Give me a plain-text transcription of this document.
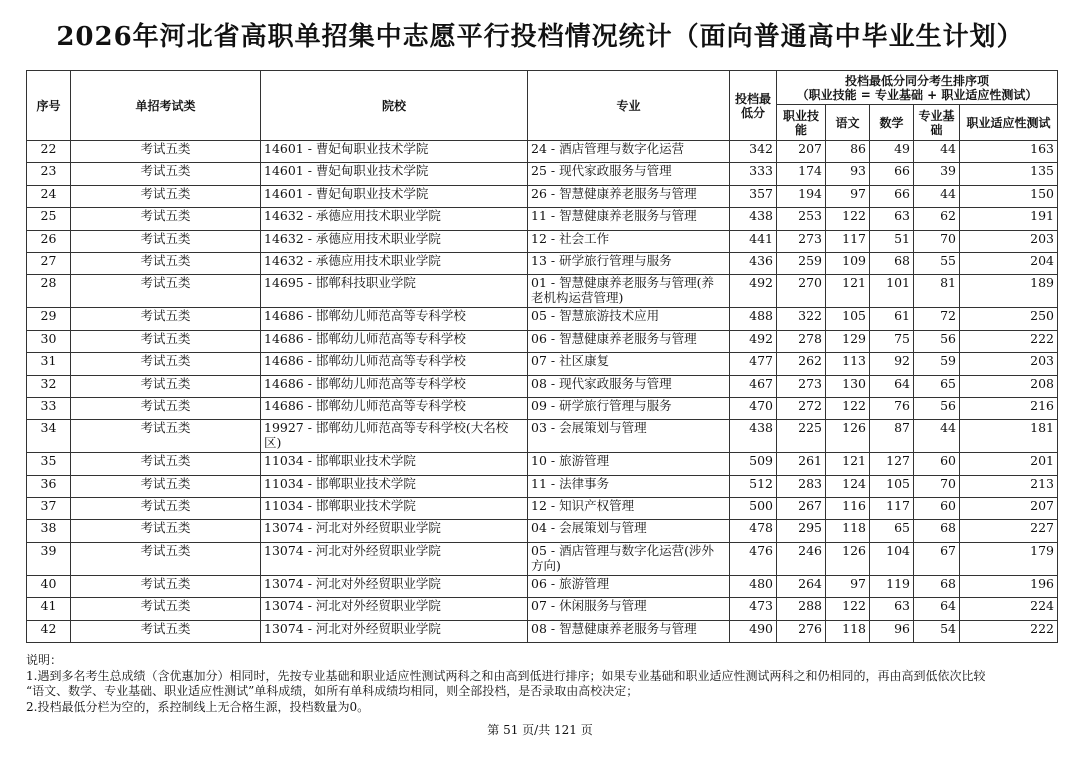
2026年河北省高职单招集中志愿平行投档情况统计（面向普通高中毕业生计划）
序号	单招考试类	院校	专业	投档最低分	投档最低分同分考生排序项
（职业技能 = 专业基础 + 职业适应性测试）				

					职业技能	语文	数学	专业基础	职业适应性测试
22	考试五类	14601 - 曹妃甸职业技术学院	24 - 酒店管理与数字化运营	342	207	86	49	44	163
23	考试五类	14601 - 曹妃甸职业技术学院	25 - 现代家政服务与管理	333	174	93	66	39	135
24	考试五类	14601 - 曹妃甸职业技术学院	26 - 智慧健康养老服务与管理	357	194	97	66	44	150
25	考试五类	14632 - 承德应用技术职业学院	11 - 智慧健康养老服务与管理	438	253	122	63	62	191
26	考试五类	14632 - 承德应用技术职业学院	12 - 社会工作	441	273	117	51	70	203
27	考试五类	14632 - 承德应用技术职业学院	13 - 研学旅行管理与服务	436	259	109	68	55	204
28	考试五类	14695 - 邯郸科技职业学院	01 - 智慧健康养老服务与管理(养老机构运营管理)	492	270	121	101	81	189
29	考试五类	14686 - 邯郸幼儿师范高等专科学校	05 - 智慧旅游技术应用	488	322	105	61	72	250
30	考试五类	14686 - 邯郸幼儿师范高等专科学校	06 - 智慧健康养老服务与管理	492	278	129	75	56	222
31	考试五类	14686 - 邯郸幼儿师范高等专科学校	07 - 社区康复	477	262	113	92	59	203
32	考试五类	14686 - 邯郸幼儿师范高等专科学校	08 - 现代家政服务与管理	467	273	130	64	65	208
33	考试五类	14686 - 邯郸幼儿师范高等专科学校	09 - 研学旅行管理与服务	470	272	122	76	56	216
34	考试五类	19927 - 邯郸幼儿师范高等专科学校(大名校区)	03 - 会展策划与管理	438	225	126	87	44	181
35	考试五类	11034 - 邯郸职业技术学院	10 - 旅游管理	509	261	121	127	60	201
36	考试五类	11034 - 邯郸职业技术学院	11 - 法律事务	512	283	124	105	70	213
37	考试五类	11034 - 邯郸职业技术学院	12 - 知识产权管理	500	267	116	117	60	207
38	考试五类	13074 - 河北对外经贸职业学院	04 - 会展策划与管理	478	295	118	65	68	227
39	考试五类	13074 - 河北对外经贸职业学院	05 - 酒店管理与数字化运营(涉外方向)	476	246	126	104	67	179
40	考试五类	13074 - 河北对外经贸职业学院	06 - 旅游管理	480	264	97	119	68	196
41	考试五类	13074 - 河北对外经贸职业学院	07 - 休闲服务与管理	473	288	122	63	64	224
42	考试五类	13074 - 河北对外经贸职业学院	08 - 智慧健康养老服务与管理	490	276	118	96	54	222
说明：
1.遇到多名考生总成绩（含优惠加分）相同时，先按专业基础和职业适应性测试两科之和由高到低进行排序；如果专业基础和职业适应性测试两科之和仍相同的，再由高到低依次比较
“语文、数学、专业基础、职业适应性测试”单科成绩，如所有单科成绩均相同，则全部投档，是否录取由高校决定；
2.投档最低分栏为空的，系控制线上无合格生源，投档数量为0。
第 51 页/共 121 页
